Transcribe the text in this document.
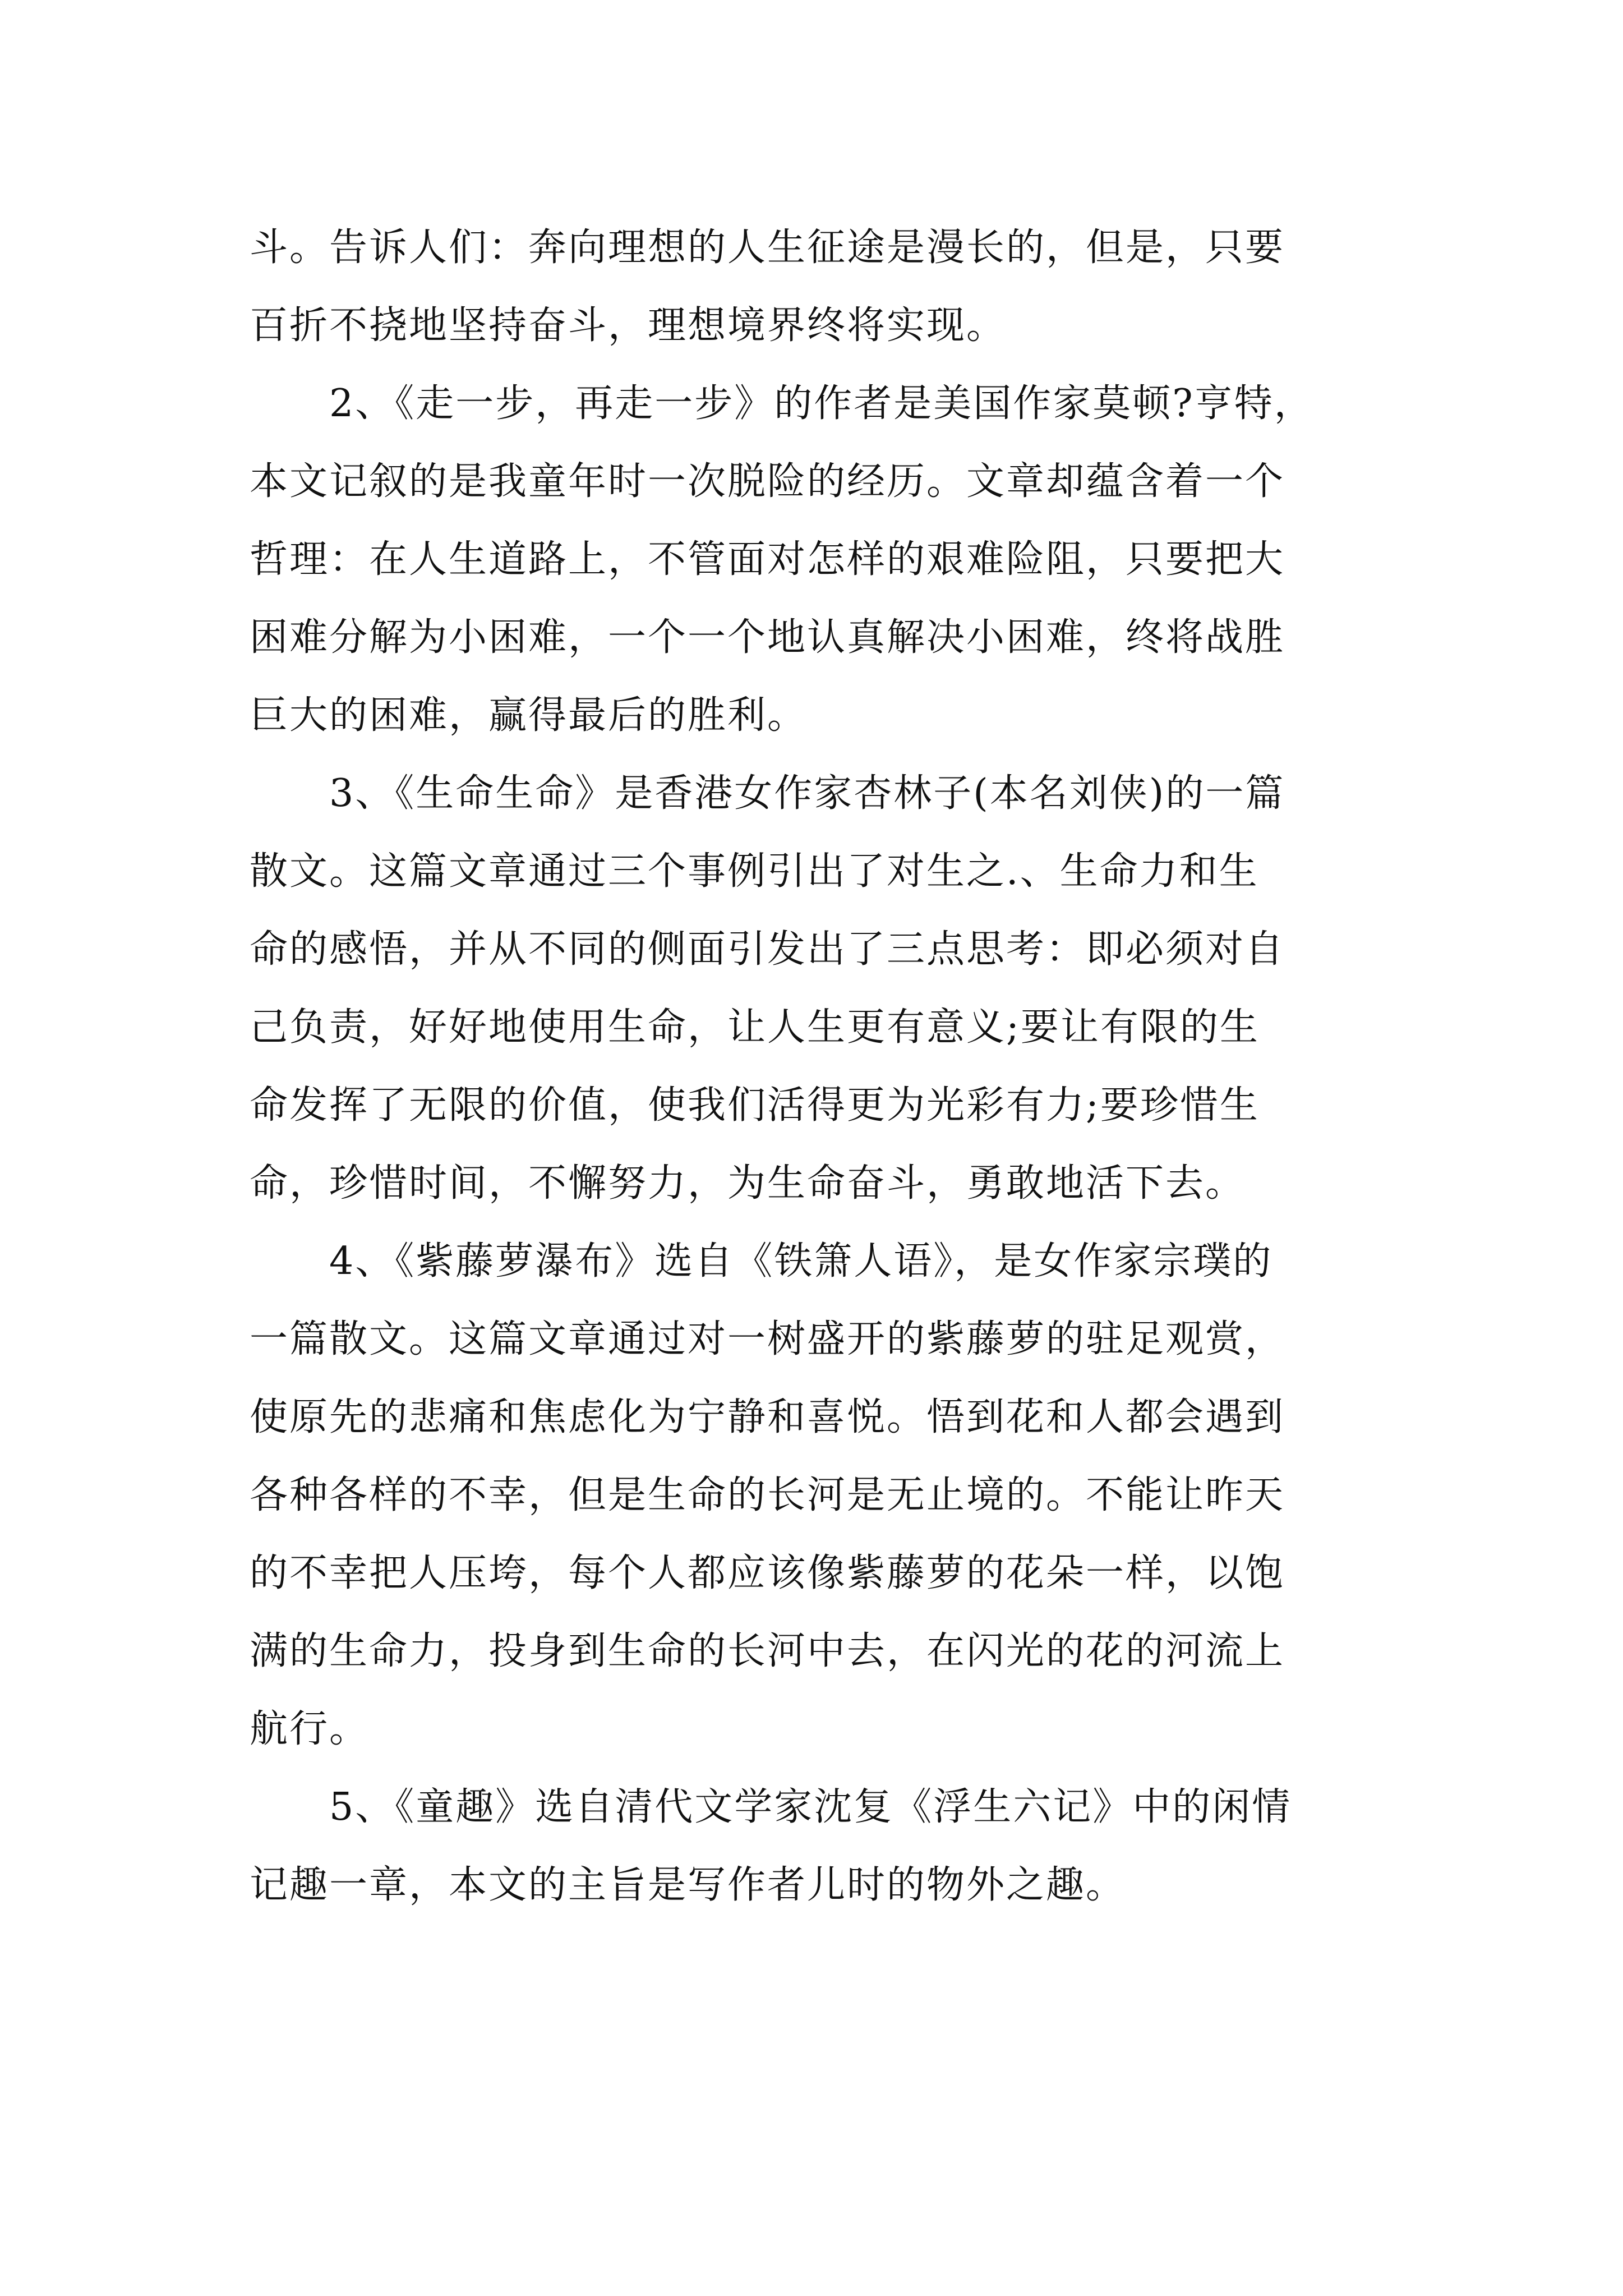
斗。告诉人们：奔向理想的人生征途是漫长的，但是，只要
百折不挠地坚持奋斗，理想境界终将实现。
　　2、《走一步，再走一步》的作者是美国作家莫顿?亨特，
本文记叙的是我童年时一次脱险的经历。文章却蕴含着一个
哲理：在人生道路上，不管面对怎样的艰难险阻，只要把大
困难分解为小困难，一个一个地认真解决小困难，终将战胜
巨大的困难，赢得最后的胜利。
　　3、《生命生命》是香港女作家杏林子(本名刘侠)的一篇
散文。这篇文章通过三个事例引出了对生之.、生命力和生
命的感悟，并从不同的侧面引发出了三点思考：即必须对自
己负责，好好地使用生命，让人生更有意义;要让有限的生
命发挥了无限的价值，使我们活得更为光彩有力;要珍惜生
命，珍惜时间，不懈努力，为生命奋斗，勇敢地活下去。
　　4、《紫藤萝瀑布》选自《铁箫人语》，是女作家宗璞的
一篇散文。这篇文章通过对一树盛开的紫藤萝的驻足观赏，
使原先的悲痛和焦虑化为宁静和喜悦。悟到花和人都会遇到
各种各样的不幸，但是生命的长河是无止境的。不能让昨天
的不幸把人压垮，每个人都应该像紫藤萝的花朵一样，以饱
满的生命力，投身到生命的长河中去，在闪光的花的河流上
航行。
　　5、《童趣》选自清代文学家沈复《浮生六记》中的闲情
记趣一章，本文的主旨是写作者儿时的物外之趣。
